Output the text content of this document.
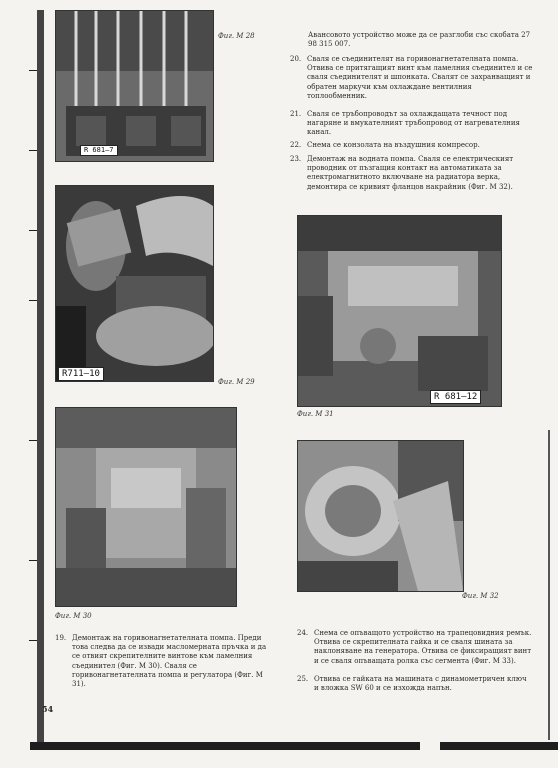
R 681–7
Фиг. М 28
R711–10
Фиг. М 29
Фиг. М 30
R 681–12
Фиг. М 31
Фиг. М 32
Авансовото устройство може да се разглоби със скобата 27 98 315 007.
20. Сваля се съединителят на горивонагнетателната помпа. Отвива се притягащият винт към ламелния съединител и се сваля съединителят и шпонката. Свалят се захранващият и обратен маркучи към охлаждане вентилния топлообменник.
21. Сваля се тръбопроводът за охлаждащата течност под нагаряне и вмукателният тръбопровод от нагревателния канал.
22. Снема се конзолата на въздушния компресор.
23. Демонтаж на водната помпа. Сваля се електрическият проводник от пъзгащия контакт на автоматиката за електромагнитното включване на радиатора верка, демонтира се кривият фланцов накрайник (Фиг. М 32).
19. Демонтаж на горивонагнетателната помпа. Преди това следва да се извади масломерната пръчка и да се отвият скрепителните винтове към ламелния съединител (Фиг. М 30). Сваля се горивонагнетателната помпа и регулатора (Фиг. М 31).
24. Снема се опъващото устройство на трапецовидния ремък. Отвива се скрепителната гайка и се сваля шината за наклоняване на генератора. Отвива се фиксиращият винт и се сваля опъващата ролка със сегмента (Фиг. М 33).
25. Отвива се гайката на машината с динамометричен ключ и вложка SW 60 и се изхожда напън.
54
